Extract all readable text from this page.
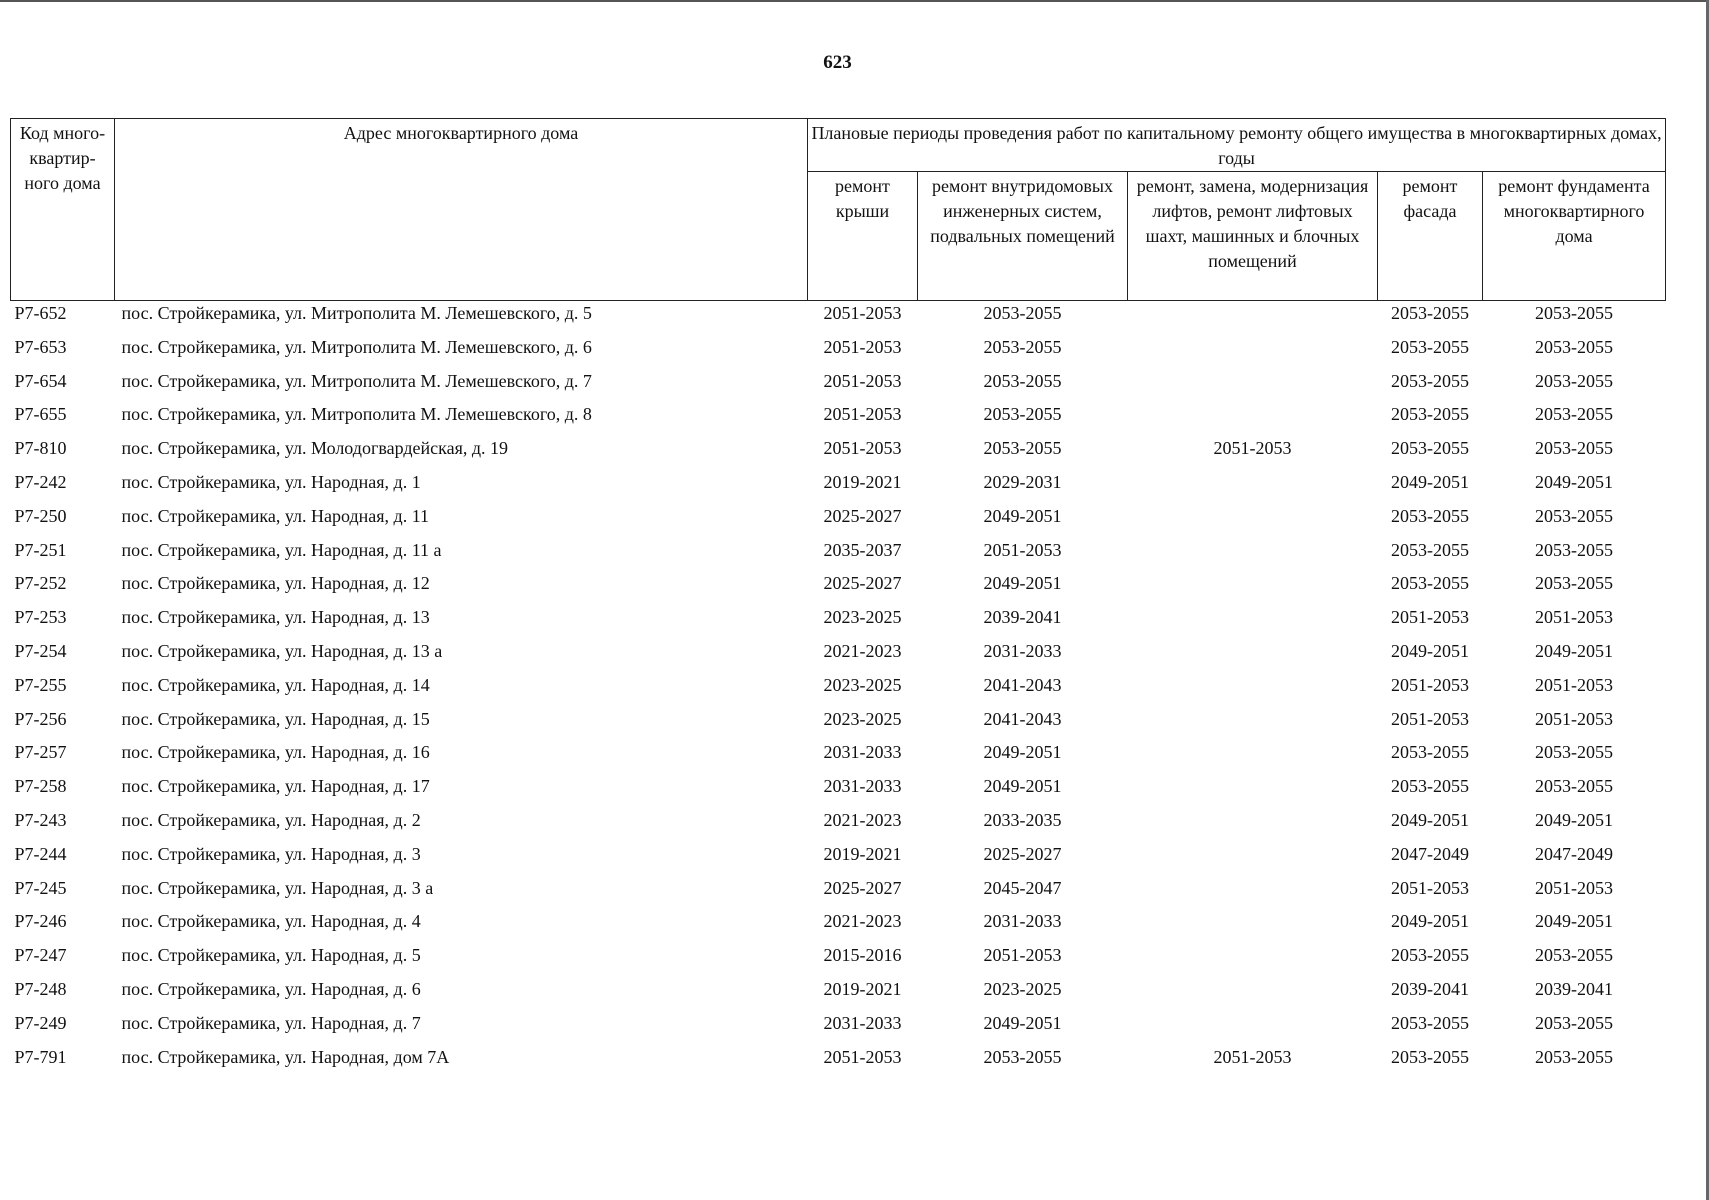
623
Код много-квартир-ного дома	Адрес многоквартирного дома	Плановые периоды проведения работ по капитальному ремонту общего имущества в многоквартирных домах, годы				
		ремонт крыши	ремонт внутридомовых инженерных систем, подвальных помещений	ремонт, замена, модернизация лифтов, ремонт лифтовых шахт, машинных и блочных помещений	ремонт фасада	ремонт фундамента многоквартирного дома
Р7-652	пос. Стройкерамика, ул. Митрополита М. Лемешевского, д. 5	2051-2053	2053-2055		2053-2055	2053-2055
Р7-653	пос. Стройкерамика, ул. Митрополита М. Лемешевского, д. 6	2051-2053	2053-2055		2053-2055	2053-2055
Р7-654	пос. Стройкерамика, ул. Митрополита М. Лемешевского, д. 7	2051-2053	2053-2055		2053-2055	2053-2055
Р7-655	пос. Стройкерамика, ул. Митрополита М. Лемешевского, д. 8	2051-2053	2053-2055		2053-2055	2053-2055
Р7-810	пос. Стройкерамика, ул. Молодогвардейская, д. 19	2051-2053	2053-2055	2051-2053	2053-2055	2053-2055
Р7-242	пос. Стройкерамика, ул. Народная, д. 1	2019-2021	2029-2031		2049-2051	2049-2051
Р7-250	пос. Стройкерамика, ул. Народная, д. 11	2025-2027	2049-2051		2053-2055	2053-2055
Р7-251	пос. Стройкерамика, ул. Народная, д. 11 а	2035-2037	2051-2053		2053-2055	2053-2055
Р7-252	пос. Стройкерамика, ул. Народная, д. 12	2025-2027	2049-2051		2053-2055	2053-2055
Р7-253	пос. Стройкерамика, ул. Народная, д. 13	2023-2025	2039-2041		2051-2053	2051-2053
Р7-254	пос. Стройкерамика, ул. Народная, д. 13 а	2021-2023	2031-2033		2049-2051	2049-2051
Р7-255	пос. Стройкерамика, ул. Народная, д. 14	2023-2025	2041-2043		2051-2053	2051-2053
Р7-256	пос. Стройкерамика, ул. Народная, д. 15	2023-2025	2041-2043		2051-2053	2051-2053
Р7-257	пос. Стройкерамика, ул. Народная, д. 16	2031-2033	2049-2051		2053-2055	2053-2055
Р7-258	пос. Стройкерамика, ул. Народная, д. 17	2031-2033	2049-2051		2053-2055	2053-2055
Р7-243	пос. Стройкерамика, ул. Народная, д. 2	2021-2023	2033-2035		2049-2051	2049-2051
Р7-244	пос. Стройкерамика, ул. Народная, д. 3	2019-2021	2025-2027		2047-2049	2047-2049
Р7-245	пос. Стройкерамика, ул. Народная, д. 3 а	2025-2027	2045-2047		2051-2053	2051-2053
Р7-246	пос. Стройкерамика, ул. Народная, д. 4	2021-2023	2031-2033		2049-2051	2049-2051
Р7-247	пос. Стройкерамика, ул. Народная, д. 5	2015-2016	2051-2053		2053-2055	2053-2055
Р7-248	пос. Стройкерамика, ул. Народная, д. 6	2019-2021	2023-2025		2039-2041	2039-2041
Р7-249	пос. Стройкерамика, ул. Народная, д. 7	2031-2033	2049-2051		2053-2055	2053-2055
Р7-791	пос. Стройкерамика, ул. Народная, дом 7А	2051-2053	2053-2055	2051-2053	2053-2055	2053-2055
